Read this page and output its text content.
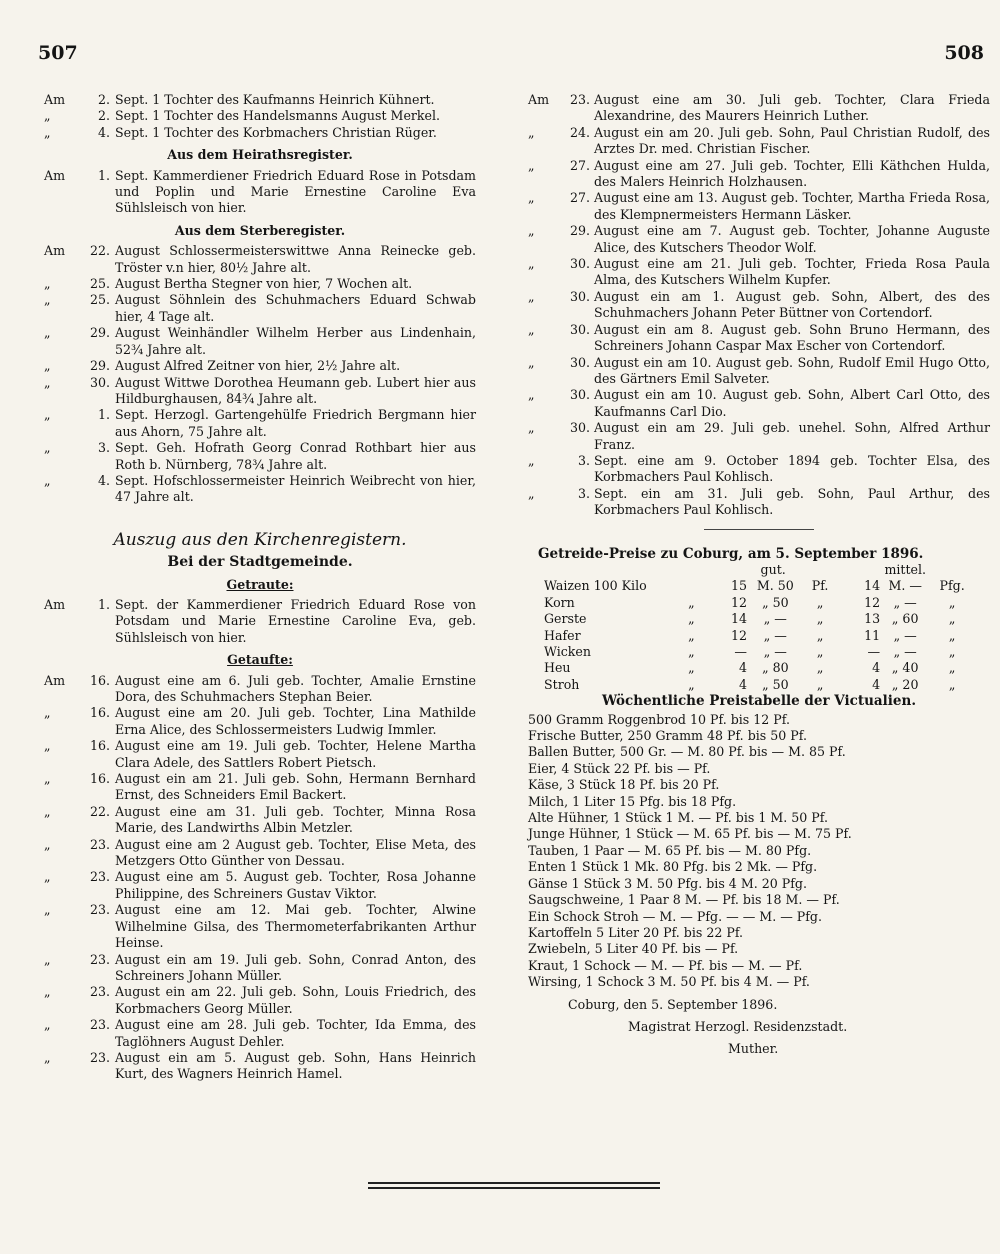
507	508
Am	2. Sept. 1 Tochter des Kaufmanns Heinrich Kühnert.
„	2. Sept. 1 Tochter des Handelsmanns August Merkel.
„	4. Sept. 1 Tochter des Korbmachers Christian Rüger.
Aus dem Heirathsregister.
Am	1. Sept. Kammerdiener Friedrich Eduard Rose in Potsdam und Poplin und Marie Ernestine Caroline Eva Sühlsleisch von hier.
Aus dem Sterberegister.
Am 22. August Schlossermeisterswittwe Anna Reinecke geb. Tröster v.n hier, 80½ Jahre alt.
„	25. August Bertha Stegner von hier, 7 Wochen alt.
„	25. August Söhnlein des Schuhmachers Eduard Schwab hier, 4 Tage alt.
„	29. August Weinhändler Wilhelm Herber aus Lindenhain, 52¾ Jahre alt.
„	29. August Alfred Zeitner von hier, 2½ Jahre alt.
„	30. August Wittwe Dorothea Heumann geb. Lubert hier aus Hildburghausen, 84¾ Jahre alt.
„	1. Sept. Herzogl. Gartengehülfe Friedrich Bergmann hier aus Ahorn, 75 Jahre alt.
„	3. Sept. Geh. Hofrath Georg Conrad Rothbart hier aus Roth b. Nürnberg, 78¾ Jahre alt.
„	4. Sept. Hofschlossermeister Heinrich Weibrecht von hier, 47 Jahre alt.
Auszug aus den Kirchenregistern.
Bei der Stadtgemeinde.
Getraute:
Am	1. Sept. der Kammerdiener Friedrich Eduard Rose von Potsdam und Marie Ernestine Caroline Eva, geb. Sühlsleisch von hier.
Getaufte:
Am 16. August eine am 6. Juli geb. Tochter, Amalie Ernstine Dora, des Schuhmachers Stephan Beier.
„	16. August eine am 20. Juli geb. Tochter, Lina Mathilde Erna Alice, des Schlossermeisters Ludwig Immler.
„	16. August eine am 19. Juli geb. Tochter, Helene Martha Clara Adele, des Sattlers Robert Pietsch.
„	16. August ein am 21. Juli geb. Sohn, Hermann Bernhard Ernst, des Schneiders Emil Backert.
„	22. August eine am 31. Juli geb. Tochter, Minna Rosa Marie, des Landwirths Albin Metzler.
„	23. August eine am 2 August geb. Tochter, Elise Meta, des Metzgers Otto Günther von Dessau.
„	23. August eine am 5. August geb. Tochter, Rosa Johanne Philippine, des Schreiners Gustav Viktor.
„	23. August eine am 12. Mai geb. Tochter, Alwine Wilhelmine Gilsa, des Thermometerfabrikanten Arthur Heinse.
„	23. August ein am 19. Juli geb. Sohn, Conrad Anton, des Schreiners Johann Müller.
„	23. August ein am 22. Juli geb. Sohn, Louis Friedrich, des Korbmachers Georg Müller.
„	23. August eine am 28. Juli geb. Tochter, Ida Emma, des Taglöhners August Dehler.
„	23. August ein am 5. August geb. Sohn, Hans Heinrich Kurt, des Wagners Heinrich Hamel.
Am 23. August eine am 30. Juli geb. Tochter, Clara Frieda Alexandrine, des Maurers Heinrich Luther.
„	24. August ein am 20. Juli geb. Sohn, Paul Christian Rudolf, des Arztes Dr. med. Christian Fischer.
„	27. August eine am 27. Juli geb. Tochter, Elli Käthchen Hulda, des Malers Heinrich Holzhausen.
„	27. August eine am 13. August geb. Tochter, Martha Frieda Rosa, des Klempnermeisters Hermann Läsker.
„	29. August eine am 7. August geb. Tochter, Johanne Auguste Alice, des Kutschers Theodor Wolf.
„	30. August eine am 21. Juli geb. Tochter, Frieda Rosa Paula Alma, des Kutschers Wilhelm Kupfer.
„	30. August ein am 1. August geb. Sohn, Albert, des des Schuhmachers Johann Peter Büttner von Cortendorf.
„	30. August ein am 8. August geb. Sohn Bruno Hermann, des Schreiners Johann Caspar Max Escher von Cortendorf.
„	30. August ein am 10. August geb. Sohn, Rudolf Emil Hugo Otto, des Gärtners Emil Salveter.
„	30. August ein am 10. August geb. Sohn, Albert Carl Otto, des Kaufmanns Carl Dio.
„	30. August ein am 29. Juli geb. unehel. Sohn, Alfred Arthur Franz.
„	3. Sept. eine am 9. October 1894 geb. Tochter Elsa, des Korbmachers Paul Kohlisch.
„	3. Sept. ein am 31. Juli geb. Sohn, Paul Arthur, des Korbmachers Paul Kohlisch.
Getreide-Preise zu Coburg, am 5. September 1896.
		gut.			mittel.		
Waizen 100 Kilo		15	M. 50	Pf.	14	M. —	Pfg.
Korn	„	12	„ 50	„	12	„ —	„
Gerste	„	14	„ —	„	13	„ 60	„
Hafer	„	12	„ —	„	11	„ —	„
Wicken	„	—	„ —	„	—	„ —	„
Heu	„	4	„ 80	„	4	„ 40	„
Stroh	„	4	„ 50	„	4	„ 20	„
Wöchentliche Preistabelle der Victualien.
500 Gramm Roggenbrod 10 Pf. bis 12 Pf.
Frische Butter, 250 Gramm 48 Pf. bis 50 Pf.
Ballen Butter, 500 Gr. — M. 80 Pf. bis — M. 85 Pf.
Eier, 4 Stück 22 Pf. bis — Pf.
Käse, 3 Stück 18 Pf. bis 20 Pf.
Milch, 1 Liter 15 Pfg. bis 18 Pfg.
Alte Hühner, 1 Stück 1 M. — Pf. bis 1 M. 50 Pf.
Junge Hühner, 1 Stück — M. 65 Pf. bis — M. 75 Pf.
Tauben, 1 Paar — M. 65 Pf. bis — M. 80 Pfg.
Enten 1 Stück 1 Mk. 80 Pfg. bis 2 Mk. — Pfg.
Gänse 1 Stück 3 M. 50 Pfg. bis 4 M. 20 Pfg.
Saugschweine, 1 Paar 8 M. — Pf. bis 18 M. — Pf.
Ein Schock Stroh — M. — Pfg. — — M. — Pfg.
Kartoffeln 5 Liter 20 Pf. bis 22 Pf.
Zwiebeln, 5 Liter 40 Pf. bis — Pf.
Kraut, 1 Schock — M. — Pf. bis — M. — Pf.
Wirsing, 1 Schock 3 M. 50 Pf. bis 4 M. — Pf.
Coburg, den 5. September 1896.
Magistrat Herzogl. Residenzstadt.
Muther.
